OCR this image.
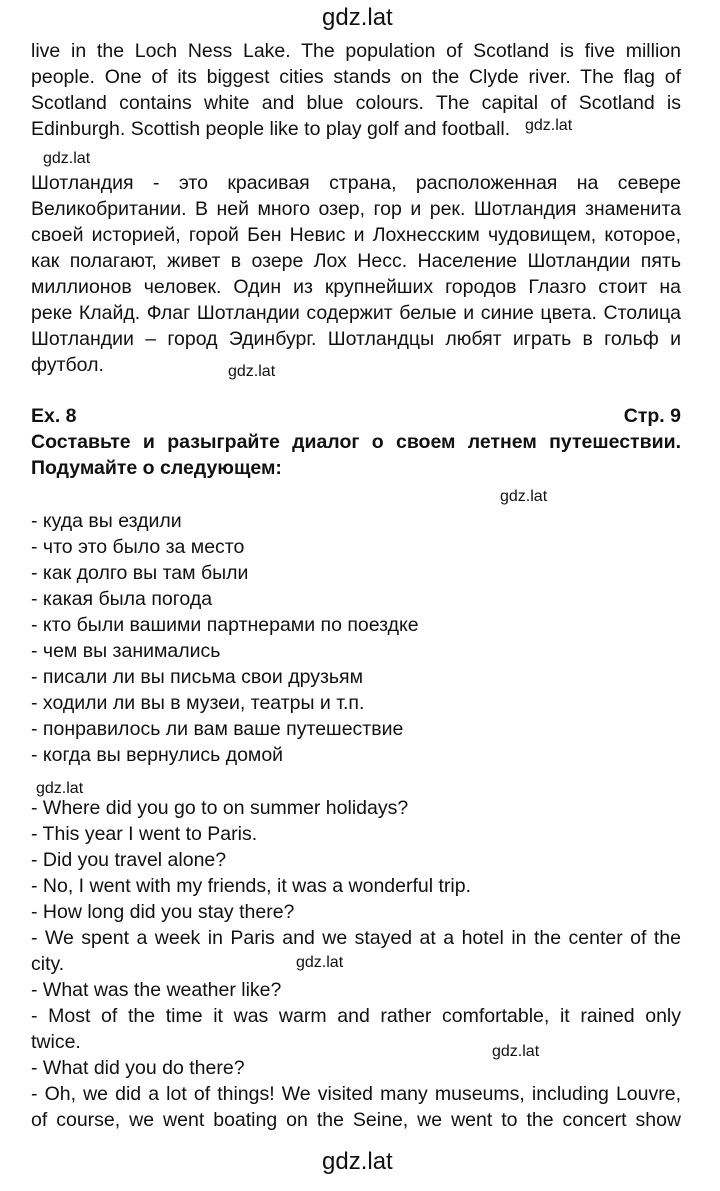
gdz.lat
gdz.lat
gdz.lat
gdz.lat
gdz.lat
gdz.lat
gdz.lat
gdz.lat
gdz.lat
live in the Loch Ness Lake. The population of Scotland is five million
people. One of its biggest cities stands on the Clyde river. The flag of
Scotland contains white and blue colours. The capital of Scotland is
Edinburgh. Scottish people like to play golf and football.
Шотландия - это красивая страна, расположенная на севере
Великобритании. В ней много озер, гор и рек. Шотландия знаменита
своей историей, горой Бен Невис и Лохнесским чудовищем, которое,
как полагают, живет в озере Лох Несс. Население Шотландии пять
миллионов человек. Один из крупнейших городов Глазго стоит на
реке Клайд. Флаг Шотландии содержит белые и синие цвета. Столица
Шотландии – город Эдинбург. Шотландцы любят играть в гольф и
футбол.
Ex. 8	Стр. 9
Составьте и разыграйте диалог о своем летнем путешествии.
Подумайте о следующем:
- куда вы ездили
- что это было за место
- как долго вы там были
- какая была погода
- кто были вашими партнерами по поездке
- чем вы занимались
- писали ли вы письма свои друзьям
- ходили ли вы в музеи, театры и т.п.
- понравилось ли вам ваше путешествие
- когда вы вернулись домой
- Where did you go to on summer holidays?
- This year I went to Paris.
- Did you travel alone?
- No, I went with my friends, it was a wonderful trip.
- How long did you stay there?
- We spent a week in Paris and we stayed at a hotel in the center of the
city.
- What was the weather like?
- Most of the time it was warm and rather comfortable, it rained only
twice.
- What did you do there?
- Oh, we did a lot of things! We visited many museums, including Louvre,
of course, we went boating on the Seine, we went to the concert show
